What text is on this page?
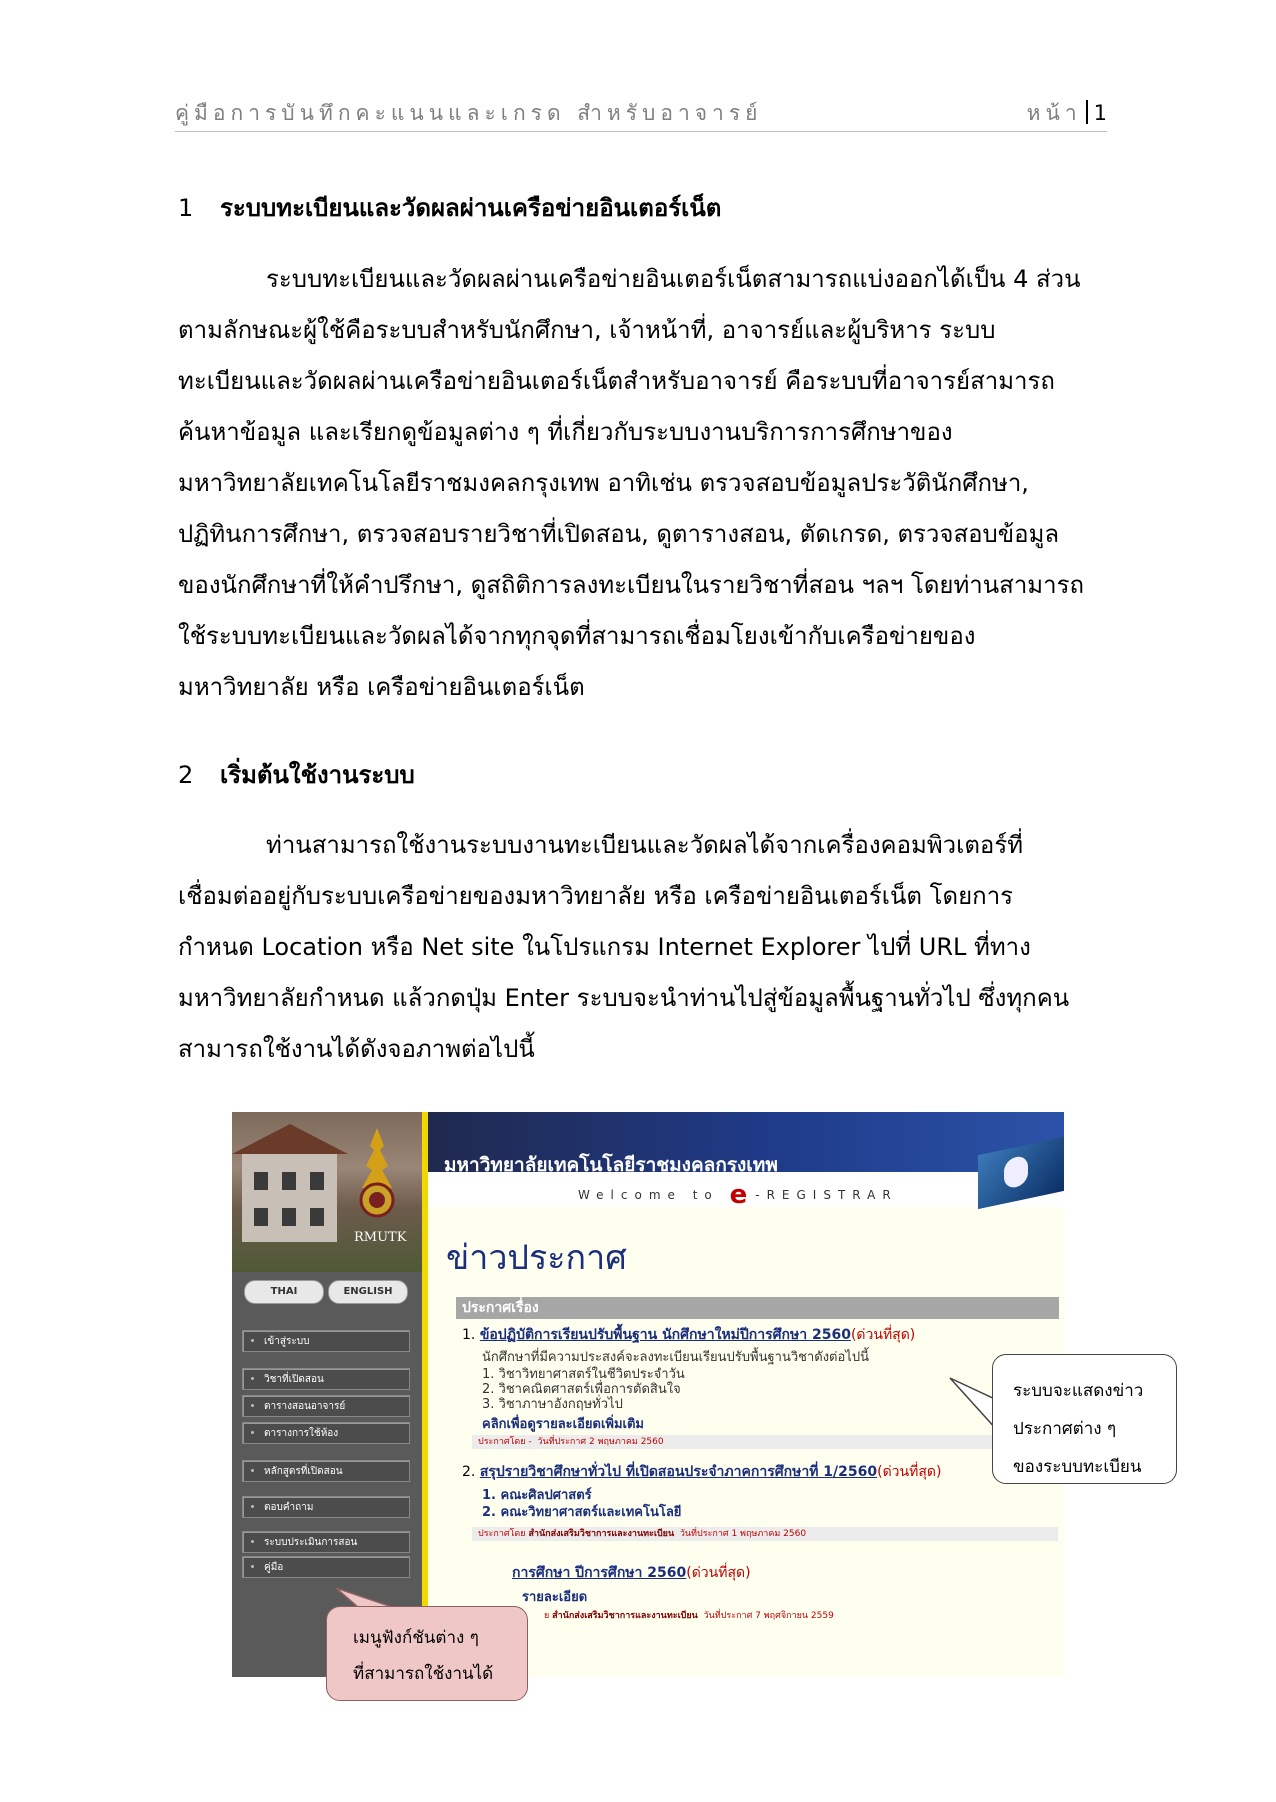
คู่มือการบันทึกคะแนนและเกรด สำหรับอาจารย์	หน้า 1
1 ระบบทะเบียนและวัดผลผ่านเครือข่ายอินเตอร์เน็ต
ระบบทะเบียนและวัดผลผ่านเครือข่ายอินเตอร์เน็ตสามารถแบ่งออกได้เป็น 4 ส่วน
ตามลักษณะผู้ใช้คือระบบสำหรับนักศึกษา, เจ้าหน้าที่, อาจารย์และผู้บริหาร ระบบ
ทะเบียนและวัดผลผ่านเครือข่ายอินเตอร์เน็ตสำหรับอาจารย์ คือระบบที่อาจารย์สามารถ
ค้นหาข้อมูล และเรียกดูข้อมูลต่าง ๆ ที่เกี่ยวกับระบบงานบริการการศึกษาของ
มหาวิทยาลัยเทคโนโลยีราชมงคลกรุงเทพ อาทิเช่น ตรวจสอบข้อมูลประวัตินักศึกษา,
ปฏิทินการศึกษา, ตรวจสอบรายวิชาที่เปิดสอน, ดูตารางสอน, ตัดเกรด, ตรวจสอบข้อมูล
ของนักศึกษาที่ให้คำปรึกษา, ดูสถิติการลงทะเบียนในรายวิชาที่สอน ฯลฯ โดยท่านสามารถ
ใช้ระบบทะเบียนและวัดผลได้จากทุกจุดที่สามารถเชื่อมโยงเข้ากับเครือข่ายของ
มหาวิทยาลัย หรือ เครือข่ายอินเตอร์เน็ต
2 เริ่มต้นใช้งานระบบ
ท่านสามารถใช้งานระบบงานทะเบียนและวัดผลได้จากเครื่องคอมพิวเตอร์ที่
เชื่อมต่ออยู่กับระบบเครือข่ายของมหาวิทยาลัย หรือ เครือข่ายอินเตอร์เน็ต โดยการ
กำหนด Location หรือ Net site ในโปรแกรม Internet Explorer ไปที่ URL ที่ทาง
มหาวิทยาลัยกำหนด แล้วกดปุ่ม Enter ระบบจะนำท่านไปสู่ข้อมูลพื้นฐานทั่วไป ซึ่งทุกคน
สามารถใช้งานได้ดังจอภาพต่อไปนี้
RMUTK
THAI	ENGLISH
เข้าสู่ระบบ
วิชาที่เปิดสอน
ตารางสอนอาจารย์
ตารางการใช้ห้อง
หลักสูตรที่เปิดสอน
ตอบคำถาม
ระบบประเมินการสอน
คู่มือ
มหาวิทยาลัยเทคโนโลยีราชมงคลกรุงเทพ
Welcome to e -REGISTRAR
ข่าวประกาศ
ประกาศเรื่อง
1. ข้อปฏิบัติการเรียนปรับพื้นฐาน นักศึกษาใหม่ปีการศึกษา 2560(ด่วนที่สุด)
นักศึกษาที่มีความประสงค์จะลงทะเบียนเรียนปรับพื้นฐานวิชาดังต่อไปนี้
1. วิชาวิทยาศาสตร์ในชีวิตประจำวัน
2. วิชาคณิตศาสตร์เพื่อการตัดสินใจ
3. วิชาภาษาอังกฤษทั่วไป
คลิกเพื่อดูรายละเอียดเพิ่มเติม
ประกาศโดย - วันที่ประกาศ 2 พฤษภาคม 2560
2. สรุปรายวิชาศึกษาทั่วไป ที่เปิดสอนประจำภาคการศึกษาที่ 1/2560(ด่วนที่สุด)
1. คณะศิลปศาสตร์
2. คณะวิทยาศาสตร์และเทคโนโลยี
ประกาศโดย สำนักส่งเสริมวิชาการและงานทะเบียน วันที่ประกาศ 1 พฤษภาคม 2560
การศึกษา ปีการศึกษา 2560(ด่วนที่สุด)
รายละเอียด
ย สำนักส่งเสริมวิชาการและงานทะเบียน วันที่ประกาศ 7 พฤศจิกายน 2559
ระบบจะแสดงข่าว
ประกาศต่าง ๆ
ของระบบทะเบียน
เมนูฟังก์ชันต่าง ๆ
ที่สามารถใช้งานได้
